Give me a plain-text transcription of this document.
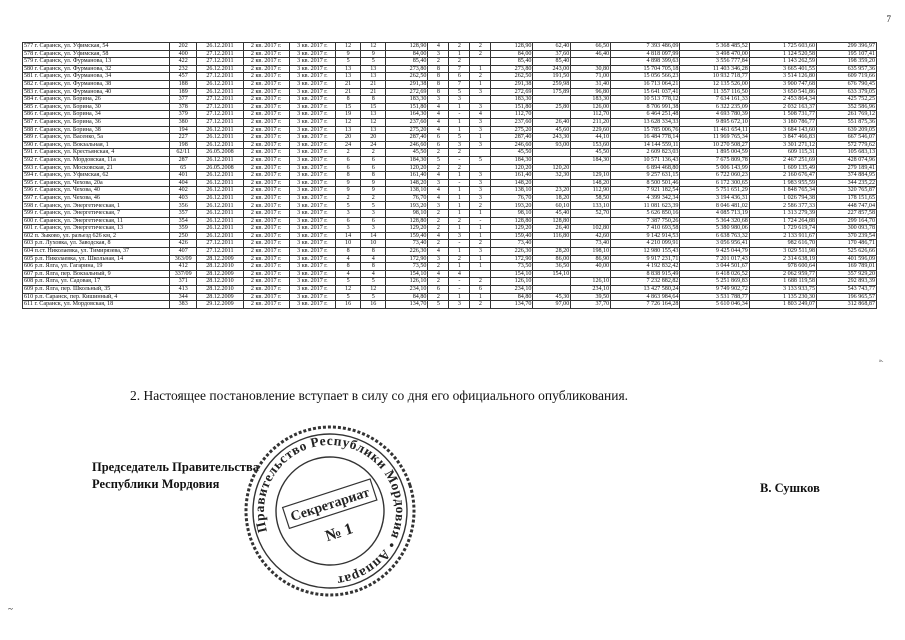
7
577 г. Саранск, ул. Уфимская, 54	202	26.12.2011	2 кв. 2017 г.	3 кв. 2017 г.	12	12	128,90	4	2	2	128,90	62,40	66,50	7 393 486,09	5 368 485,52	1 725 603,60	299 396,97
578 г. Саранск, ул. Уфимская, 58	400	27.12.2011	2 кв. 2017 г.	3 кв. 2017 г.	9	9	84,00	3	1	2	84,00	37,60	46,40	4 818 097,99	3 498 470,00	1 124 520,58	195 107,41
579 г. Саранск, ул. Фурманова, 13	422	27.12.2011	2 кв. 2017 г.	3 кв. 2017 г.	5	5	85,40	2	2		85,40	85,40		4 898 399,63	3 556 777,84	1 143 262,59	198 359,20
580 г. Саранск, ул. Фурманова, 32	232	26.12.2011	2 кв. 2017 г.	3 кв. 2017 г.	13	13	273,80	8	7	1	273,80	243,00	30,80	15 704 705,18	11 403 346,28	3 665 401,55	635 957,36
581 г. Саранск, ул. Фурманова, 34	457	27.12.2011	2 кв. 2017 г.	3 кв. 2017 г.	13	13	262,50	8	6	2	262,50	191,50	71,00	15 056 566,23	10 932 718,77	3 514 126,80	609 719,66
582 г. Саранск, ул. Фурманова, 38	188	26.12.2011	2 кв. 2017 г.	3 кв. 2017 г.	21	21	291,38	8	7	1	291,38	259,98	31,40	16 713 064,21	12 135 526,00	3 900 747,68	676 790,45
583 г. Саранск, ул. Фурманова, 40	189	26.12.2011	2 кв. 2017 г.	3 кв. 2017 г.	21	21	272,69	8	5	3	272,69	175,89	96,80	15 641 037,41	11 357 116,50	3 650 541,86	633 379,05
584 г. Саранск, ул. Борина, 26	377	27.12.2011	2 кв. 2017 г.	3 кв. 2017 г.	8	8	183,30	3	3		183,30		183,30	10 513 778,12	7 634 161,33	2 453 864,34	425 752,25
585 г. Саранск, ул. Борина, 30	378	27.12.2011	2 кв. 2017 г.	3 кв. 2017 г.	15	15	151,80	4	1	3	151,80	25,80	126,00	8 706 991,38	6 322 235,09	2 032 163,37	352 586,96
586 г. Саранск, ул. Борина, 34	379	27.12.2011	2 кв. 2017 г.	3 кв. 2017 г.	19	13	164,30	4	-	4	112,70		112,70	6 464 251,48	4 693 780,39	1 508 731,77	261 769,12
587 г. Саранск, ул. Борина, 36	380	27.12.2011	2 кв. 2017 г.	3 кв. 2017 г.	12	12	237,60	4	1	3	237,60	26,40	211,20	13 628 334,33	9 895 672,10	3 180 786,77	551 875,36
588 г. Саранск, ул. Борина, 38	194	26.12.2011	2 кв. 2017 г.	3 кв. 2017 г.	13	13	275,20	4	1	3	275,20	45,60	229,60	15 785 006,76	11 461 654,11	3 684 143,60	639 209,05
589 г. Саранск, ул. Васенко, 5а	227	26.12.2011	2 кв. 2017 г.	3 кв. 2017 г.	20	20	287,40	6	5	1	287,40	243,30	44,10	16 484 778,14	11 969 765,34	3 847 466,83	667 546,07
590 г. Саранск, ул. Вокзальная, 1	198	26.12.2011	2 кв. 2017 г.	3 кв. 2017 г.	24	24	246,60	6	3	3	246,60	93,00	153,60	14 144 559,11	10 270 508,27	3 301 271,12	572 779,62
591 г. Саранск, ул. Крестьянская, 4	62/11	26.05.2008	2 кв. 2017 г.	3 кв. 2017 г.	2	2	45,50	2	2		45,50		45,50	2 609 823,03	1 895 004,59	609 115,31	105 683,13
592 г. Саранск, ул. Мордовская, 11а	287	26.12.2011	2 кв. 2017 г.	3 кв. 2017 г.	6	6	184,30	5	-	5	184,30		184,30	10 571 136,43	7 675 809,78	2 467 251,69	428 074,96
593 г. Саранск, ул. Московская, 21	65	26.05.2008	2 кв. 2017 г.	3 кв. 2017 г.	6	6	120,20	2	2		120,20	120,20		6 894 468,80	5 006 143,99	1 609 135,49	279 189,41
594 г. Саранск, ул. Уфимская, 62	401	26.12.2011	2 кв. 2017 г.	3 кв. 2017 г.	8	8	161,40	4	1	3	161,40	32,30	129,10	9 257 631,15	6 722 060,23	2 160 676,47	374 884,95
595 г. Саранск, ул. Чехова, 20а	404	26.12.2011	2 кв. 2017 г.	3 кв. 2017 г.	9	9	148,20	3	-	3	148,20		148,20	8 500 501,46	6 172 300,65	1 983 955,59	344 235,22
596 г. Саранск, ул. Чехова, 40	402	26.12.2011	2 кв. 2017 г.	3 кв. 2017 г.	9	9	138,10	4	1	3	138,10	23,20	112,90	7 921 182,54	5 751 651,29	1 848 765,34	320 765,87
597 г. Саранск, ул. Чехова, 46	403	26.12.2011	2 кв. 2017 г.	3 кв. 2017 г.	2	2	76,70	4	1	3	76,70	18,20	58,50	4 399 342,34	3 194 436,31	1 026 794,38	178 151,65
598 г. Саранск, ул. Энергетическая, 1	356	26.12.2011	2 кв. 2017 г.	3 кв. 2017 г.	5	5	193,20	3	1	2	193,20	60,10	133,10	11 081 623,39	8 046 481,02	2 586 377,33	448 747,04
599 г. Саранск, ул. Энергетическая, 7	357	26.12.2011	2 кв. 2017 г.	3 кв. 2017 г.	3	3	98,10	2	1	1	98,10	45,40	52,70	5 626 850,16	4 085 713,19	1 313 279,39	227 857,58
600 г. Саранск, ул. Энергетическая, 11	354	26.12.2011	2 кв. 2017 г.	3 кв. 2017 г.	6	6	128,80	2	2	-	128,80	128,80		7 387 750,26	5 364 320,68	1 724 264,88	299 164,70
601 г. Саранск, ул. Энергетическая, 13	359	26.12.2011	2 кв. 2017 г.	3 кв. 2017 г.	3	3	129,20	2	1	1	129,20	26,40	102,80	7 410 693,58	5 380 980,06	1 729 619,74	300 093,78
602 п. Зыково, ул. разъезд 626 км, 2	250	26.12.2011	2 кв. 2017 г.	3 кв. 2017 г.	14	14	159,40	4	3	1	159,40	116,80	42,60	9 142 914,53	6 638 763,32	2 133 911,67	370 239,54
603 р.п. Луховка, ул. Заводская, 8	426	27.12.2011	2 кв. 2017 г.	3 кв. 2017 г.	10	10	73,40	2	-	2	73,40		73,40	4 210 099,91	3 056 956,41	982 616,70	170 486,71
604 п.ст. Николаевка, ул. Тимирязева, 37	407	27.12.2011	2 кв. 2017 г.	3 кв. 2017 г.	8	8	226,30	4	1	3	226,30	28,20	198,10	12 980 155,43	9 425 044,79	3 029 511,98	525 626,66
605 р.п. Николаевка, ул. Школьная, 14	363/09	28.12.2009	2 кв. 2017 г.	3 кв. 2017 г.	4	4	172,90	3	2	1	172,90	86,00	86,90	9 917 231,71	7 201 017,43	2 314 638,19	401 596,09
606 р.п. Ялга, ул. Гагарина, 19	412	28.12.2010	2 кв. 2017 г.	3 кв. 2017 г.	8	8	73,50	2	1	1	73,50	36,50	40,00	4 192 832,42	3 044 501,67	978 600,64	169 789,01
607 р.п. Ялга, пер. Вокзальный, 9	337/09	28.12.2009	2 кв. 2017 г.	3 кв. 2017 г.	4	4	154,10	4	4		154,10	154,10		8 838 915,49	6 418 026,52	2 062 959,77	357 929,20
608 р.п. Ялга, ул. Садовая, 17	371	28.12.2010	2 кв. 2017 г.	3 кв. 2017 г.	5	5	126,10	2	-	2	126,10		126,10	7 232 882,82	5 251 869,83	1 688 119,58	292 893,39
609 р.п. Ялга, пер. Школьный, 35	413	28.12.2010	2 кв. 2017 г.	3 кв. 2017 г.	12	12	234,10	6	-	6	234,10		234,10	13 427 580,24	9 749 902,72	3 133 933,75	543 743,77
610 р.п. Саранск, пер. Кишинный, 4	344	28.12.2009	2 кв. 2017 г.	3 кв. 2017 г.	5	5	84,80	2	1	1	84,80	45,30	39,50	4 863 984,64	3 531 788,77	1 135 230,30	196 965,57
611 г. Саранск, ул. Мордовская, 18	383	29.12.2009	2 кв. 2017 г.	3 кв. 2017 г.	16	16	134,70	5	3	2	134,70	97,00	37,70	7 726 164,28	5 610 046,34	1 803 249,07	312 868,87
».
2. Настоящее постановление вступает в силу со дня его официального опубликования.
Председатель Правительства
Республики Мордовия	В. Сушков
Правительство Республики Мордовия • Аппарат
Секретариат
№ 1
~
